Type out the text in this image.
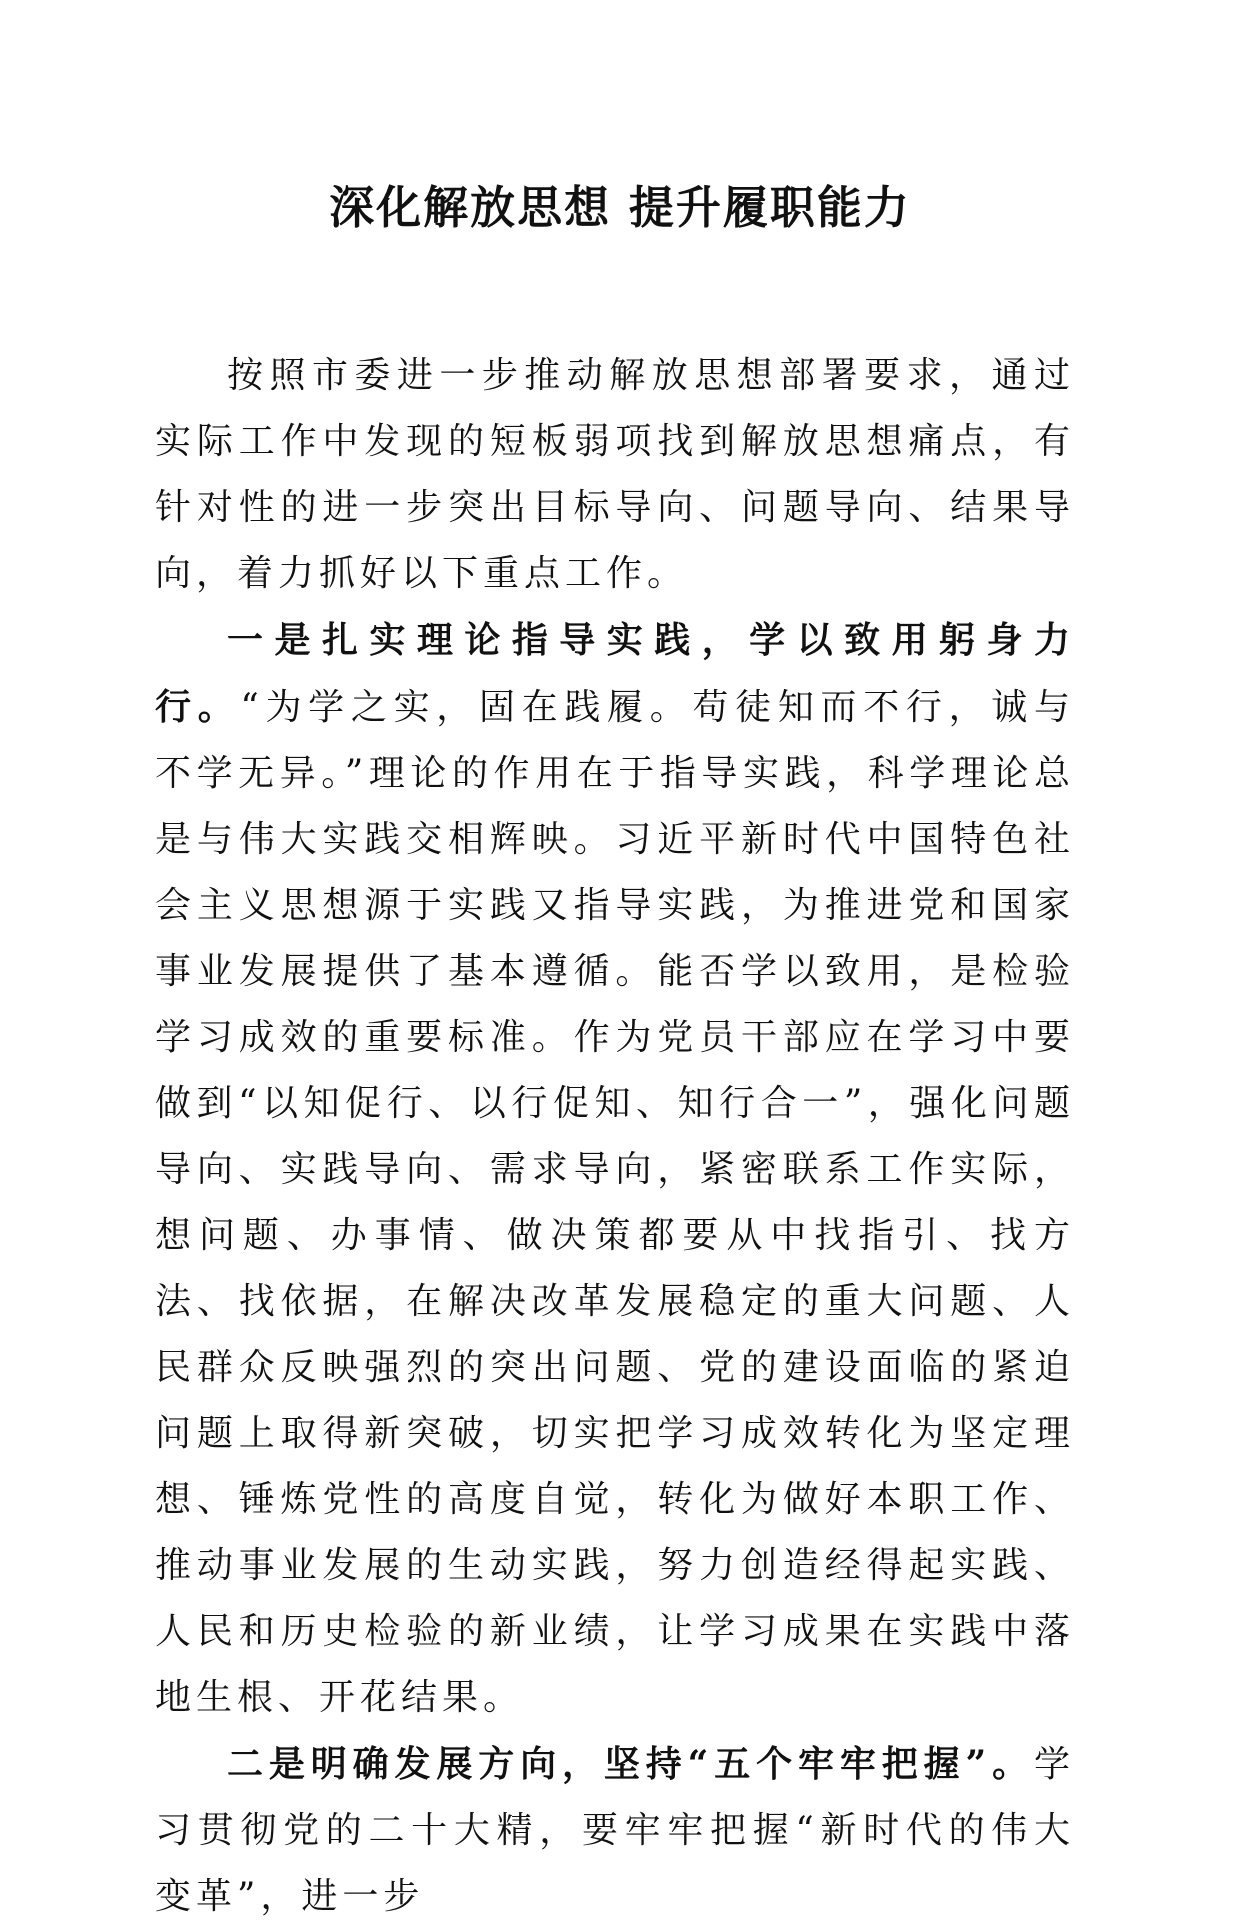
深化解放思想 提升履职能力

按照市委进一步推动解放思想部署要求，通过实际工作中发现的短板弱项找到解放思想痛点，有针对性的进一步突出目标导向、问题导向、结果导向，着力抓好以下重点工作。

一是扎实理论指导实践，学以致用躬身力行。“为学之实，固在践履。苟徒知而不行，诚与不学无异。”理论的作用在于指导实践，科学理论总是与伟大实践交相辉映。习近平新时代中国特色社会主义思想源于实践又指导实践，为推进党和国家事业发展提供了基本遵循。能否学以致用，是检验学习成效的重要标准。作为党员干部应在学习中要做到“以知促行、以行促知、知行合一”，强化问题导向、实践导向、需求导向，紧密联系工作实际，想问题、办事情、做决策都要从中找指引、找方法、找依据，在解决改革发展稳定的重大问题、人民群众反映强烈的突出问题、党的建设面临的紧迫问题上取得新突破，切实把学习成效转化为坚定理想、锤炼党性的高度自觉，转化为做好本职工作、推动事业发展的生动实践，努力创造经得起实践、人民和历史检验的新业绩，让学习成果在实践中落地生根、开花结果。

二是明确发展方向，坚持“五个牢牢把握”。学习贯彻党的二十大精，要牢牢把握“新时代的伟大变革”，进一步
